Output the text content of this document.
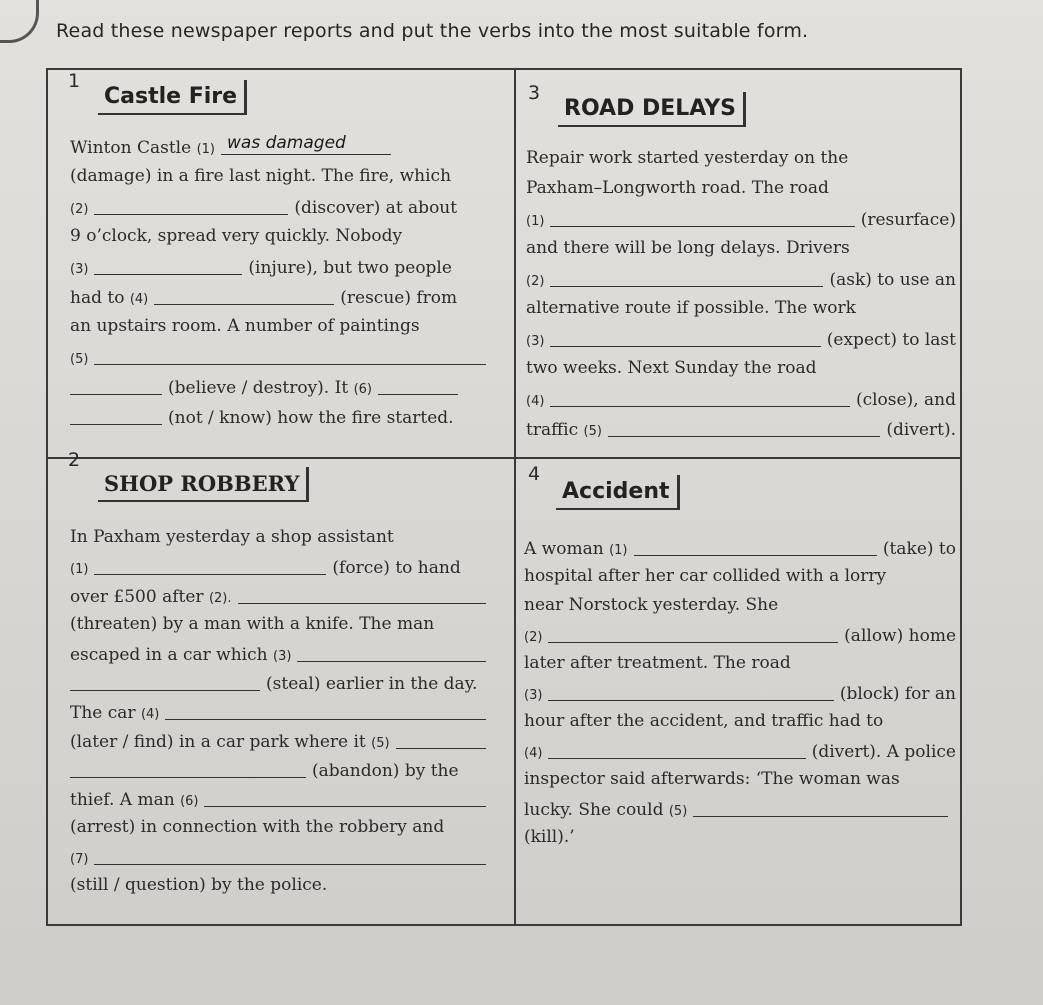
Read these newspaper reports and put the verbs into the most suitable form.
1
Castle Fire
Winton Castle
(1) was damaged
(damage) in a fire last night. The fire, which
(2)	(discover) at about
9 o’clock, spread very quickly. Nobody
(3)	(injure), but two people
had to
(4)	(rescue) from
an upstairs room. A number of paintings
(5)
(believe / destroy). It
(6)
(not / know) how the fire started.
3
ROAD DELAYS
Repair work started yesterday on the
Paxham–Longworth road. The road
(1)	(resurface)
and there will be long delays. Drivers
(2)	(ask) to use an
alternative route if possible. The work
(3)	(expect) to last
two weeks. Next Sunday the road
(4)	(close), and
traffic
(5)	(divert).
2
SHOP ROBBERY
In Paxham yesterday a shop assistant
(1)	(force) to hand
over £500 after
(2).
(threaten) by a man with a knife. The man
escaped in a car which
(3)
(steal) earlier in the day.
The car
(4)
(later / find) in a car park where it
(5)
(abandon) by the
thief. A man
(6)
(arrest) in connection with the robbery and
(7)
(still / question) by the police.
4
Accident
A woman
(1)	(take) to
hospital after her car collided with a lorry
near Norstock yesterday. She
(2)	(allow) home
later after treatment. The road
(3)	(block) for an
hour after the accident, and traffic had to
(4)	(divert). A police
inspector said afterwards: ‘The woman was
lucky. She could
(5)
(kill).’
